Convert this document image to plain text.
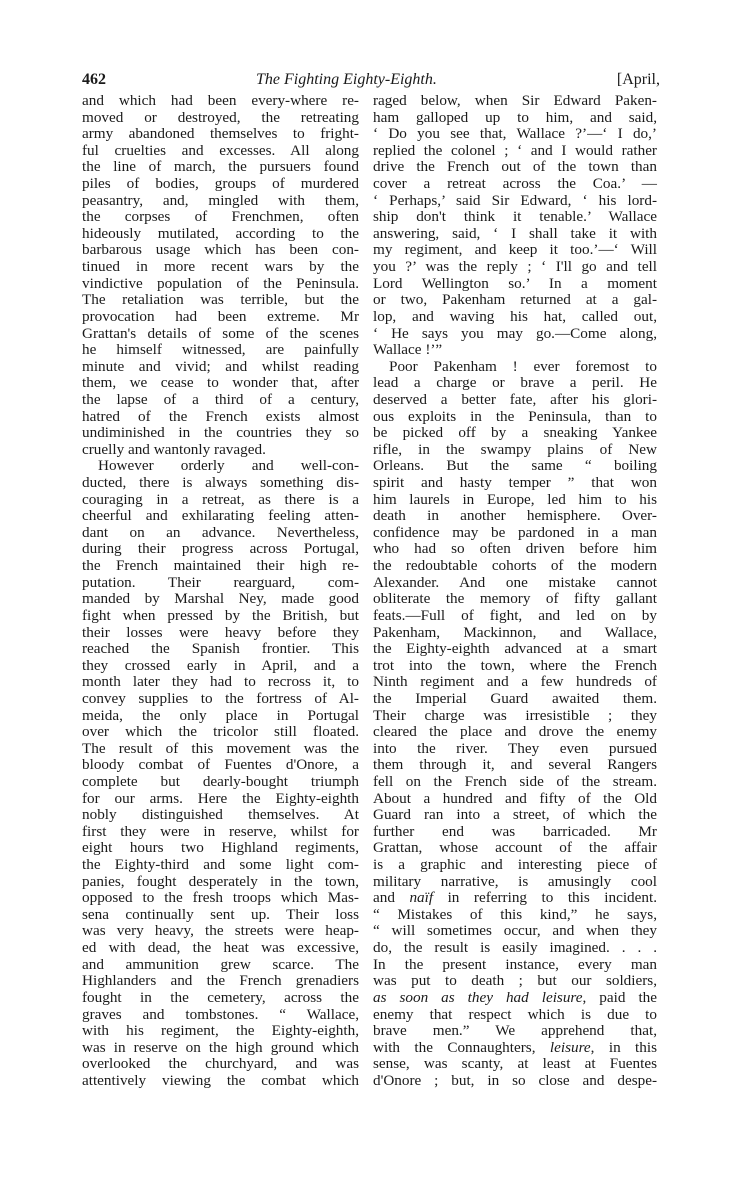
462	The Fighting Eighty-Eighth.	[April,
and which had been every-where re-
moved or destroyed, the retreating
army abandoned themselves to fright-
ful cruelties and excesses. All along
the line of march, the pursuers found
piles of bodies, groups of murdered
peasantry, and, mingled with them,
the corpses of Frenchmen, often
hideously mutilated, according to the
barbarous usage which has been con-
tinued in more recent wars by the
vindictive population of the Peninsula.
The retaliation was terrible, but the
provocation had been extreme. Mr
Grattan's details of some of the scenes
he himself witnessed, are painfully
minute and vivid; and whilst reading
them, we cease to wonder that, after
the lapse of a third of a century,
hatred of the French exists almost
undiminished in the countries they so
cruelly and wantonly ravaged.
However orderly and well-con-
ducted, there is always something dis-
couraging in a retreat, as there is a
cheerful and exhilarating feeling atten-
dant on an advance. Nevertheless,
during their progress across Portugal,
the French maintained their high re-
putation. Their rearguard, com-
manded by Marshal Ney, made good
fight when pressed by the British, but
their losses were heavy before they
reached the Spanish frontier. This
they crossed early in April, and a
month later they had to recross it, to
convey supplies to the fortress of Al-
meida, the only place in Portugal
over which the tricolor still floated.
The result of this movement was the
bloody combat of Fuentes d'Onore, a
complete but dearly-bought triumph
for our arms. Here the Eighty-eighth
nobly distinguished themselves. At
first they were in reserve, whilst for
eight hours two Highland regiments,
the Eighty-third and some light com-
panies, fought desperately in the town,
opposed to the fresh troops which Mas-
sena continually sent up. Their loss
was very heavy, the streets were heap-
ed with dead, the heat was excessive,
and ammunition grew scarce. The
Highlanders and the French grenadiers
fought in the cemetery, across the
graves and tombstones. “ Wallace,
with his regiment, the Eighty-eighth,
was in reserve on the high ground which
overlooked the churchyard, and was
attentively viewing the combat which
raged below, when Sir Edward Paken-
ham galloped up to him, and said,
‘ Do you see that, Wallace ?’—‘ I do,’
replied the colonel ; ‘ and I would rather
drive the French out of the town than
cover a retreat across the Coa.’ —
‘ Perhaps,’ said Sir Edward, ‘ his lord-
ship don't think it tenable.’ Wallace
answering, said, ‘ I shall take it with
my regiment, and keep it too.’—‘ Will
you ?’ was the reply ; ‘ I'll go and tell
Lord Wellington so.’ In a moment
or two, Pakenham returned at a gal-
lop, and waving his hat, called out,
‘ He says you may go.—Come along,
Wallace !’”
Poor Pakenham ! ever foremost to
lead a charge or brave a peril. He
deserved a better fate, after his glori-
ous exploits in the Peninsula, than to
be picked off by a sneaking Yankee
rifle, in the swampy plains of New
Orleans. But the same “ boiling
spirit and hasty temper ” that won
him laurels in Europe, led him to his
death in another hemisphere. Over-
confidence may be pardoned in a man
who had so often driven before him
the redoubtable cohorts of the modern
Alexander. And one mistake cannot
obliterate the memory of fifty gallant
feats.—Full of fight, and led on by
Pakenham, Mackinnon, and Wallace,
the Eighty-eighth advanced at a smart
trot into the town, where the French
Ninth regiment and a few hundreds of
the Imperial Guard awaited them.
Their charge was irresistible ; they
cleared the place and drove the enemy
into the river. They even pursued
them through it, and several Rangers
fell on the French side of the stream.
About a hundred and fifty of the Old
Guard ran into a street, of which the
further end was barricaded. Mr
Grattan, whose account of the affair
is a graphic and interesting piece of
military narrative, is amusingly cool
and naïf in referring to this incident.
“ Mistakes of this kind,” he says,
“ will sometimes occur, and when they
do, the result is easily imagined. . . .
In the present instance, every man
was put to death ; but our soldiers,
as soon as they had leisure, paid the
enemy that respect which is due to
brave men.” We apprehend that,
with the Connaughters, leisure, in this
sense, was scanty, at least at Fuentes
d'Onore ; but, in so close and despe-
